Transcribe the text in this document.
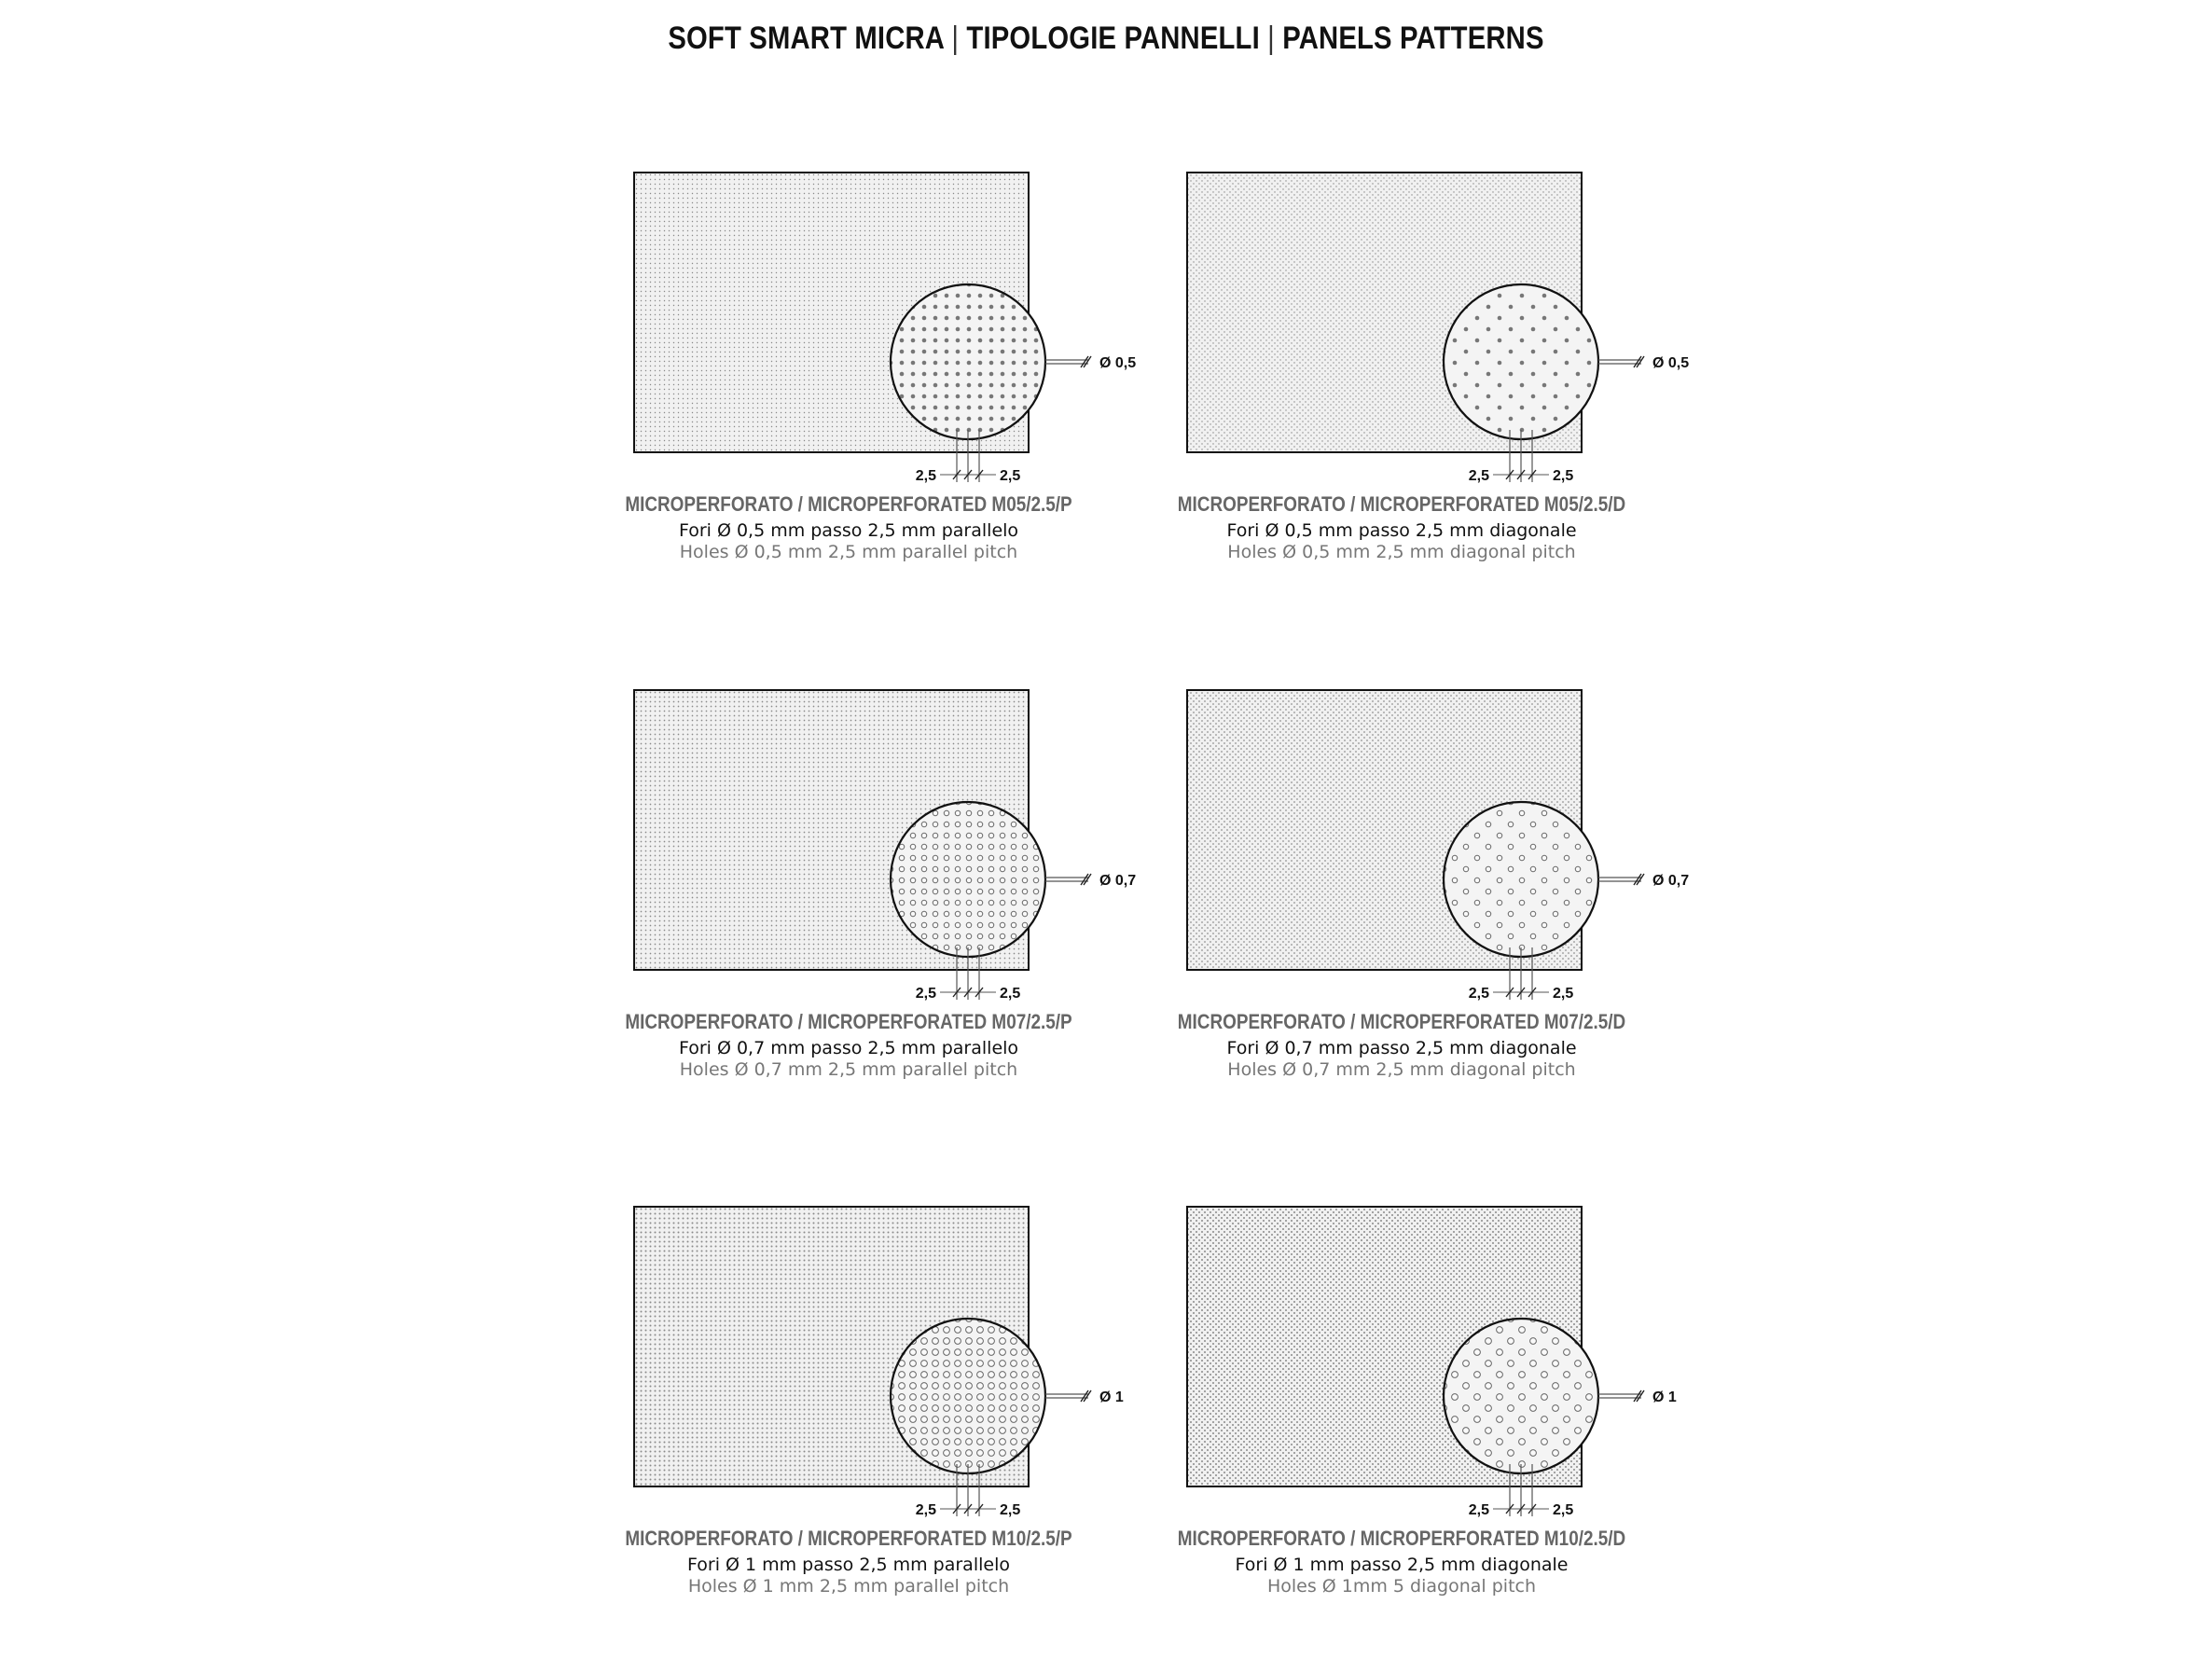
SOFT SMART MICRA | TIPOLOGIE PANNELLI | PANELS PATTERNS
Ø 0,5
2,5	2,5
MICROPERFORATO / MICROPERFORATED M05/2.5/P
Fori Ø 0,5 mm passo 2,5 mm parallelo
Holes Ø 0,5 mm 2,5 mm parallel pitch
Ø 0,5
2,5	2,5
MICROPERFORATO / MICROPERFORATED M05/2.5/D
Fori Ø 0,5 mm passo 2,5 mm diagonale
Holes Ø 0,5 mm 2,5 mm diagonal pitch
Ø 0,7
2,5	2,5
MICROPERFORATO / MICROPERFORATED M07/2.5/P
Fori Ø 0,7 mm passo 2,5 mm parallelo
Holes Ø 0,7 mm 2,5 mm parallel pitch
Ø 0,7
2,5	2,5
MICROPERFORATO / MICROPERFORATED M07/2.5/D
Fori Ø 0,7 mm passo 2,5 mm diagonale
Holes Ø 0,7 mm 2,5 mm diagonal pitch
Ø 1
2,5	2,5
MICROPERFORATO / MICROPERFORATED M10/2.5/P
Fori Ø 1 mm passo 2,5 mm parallelo
Holes Ø 1 mm 2,5 mm parallel pitch
Ø 1
2,5	2,5
MICROPERFORATO / MICROPERFORATED M10/2.5/D
Fori Ø 1 mm passo 2,5 mm diagonale
Holes Ø 1mm 5 diagonal pitch
